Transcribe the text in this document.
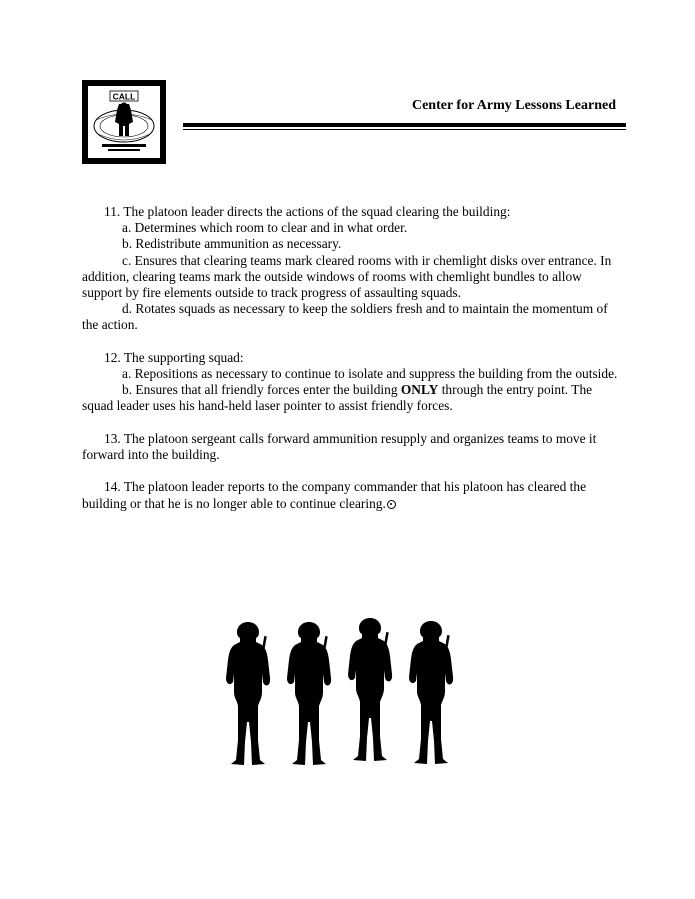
CALL
Center for Army Lessons Learned

11. The platoon leader directs the actions of the squad clearing the building:

a. Determines which room to clear and in what order.

b. Redistribute ammunition as necessary.

c. Ensures that clearing teams mark cleared rooms with ir chemlight disks over entrance. In addition, clearing teams mark the outside windows of rooms with chemlight bundles to allow support by fire elements outside to track progress of assaulting squads.

d. Rotates squads as necessary to keep the soldiers fresh and to maintain the momentum of the action.

12. The supporting squad:

a. Repositions as necessary to continue to isolate and suppress the building from the outside.

b. Ensures that all friendly forces enter the building ONLY through the entry point. The squad leader uses his hand-held laser pointer to assist friendly forces.

13. The platoon sergeant calls forward ammunition resupply and organizes teams to move it forward into the building.

14. The platoon leader reports to the company commander that his platoon has cleared the building or that he is no longer able to continue clearing.
